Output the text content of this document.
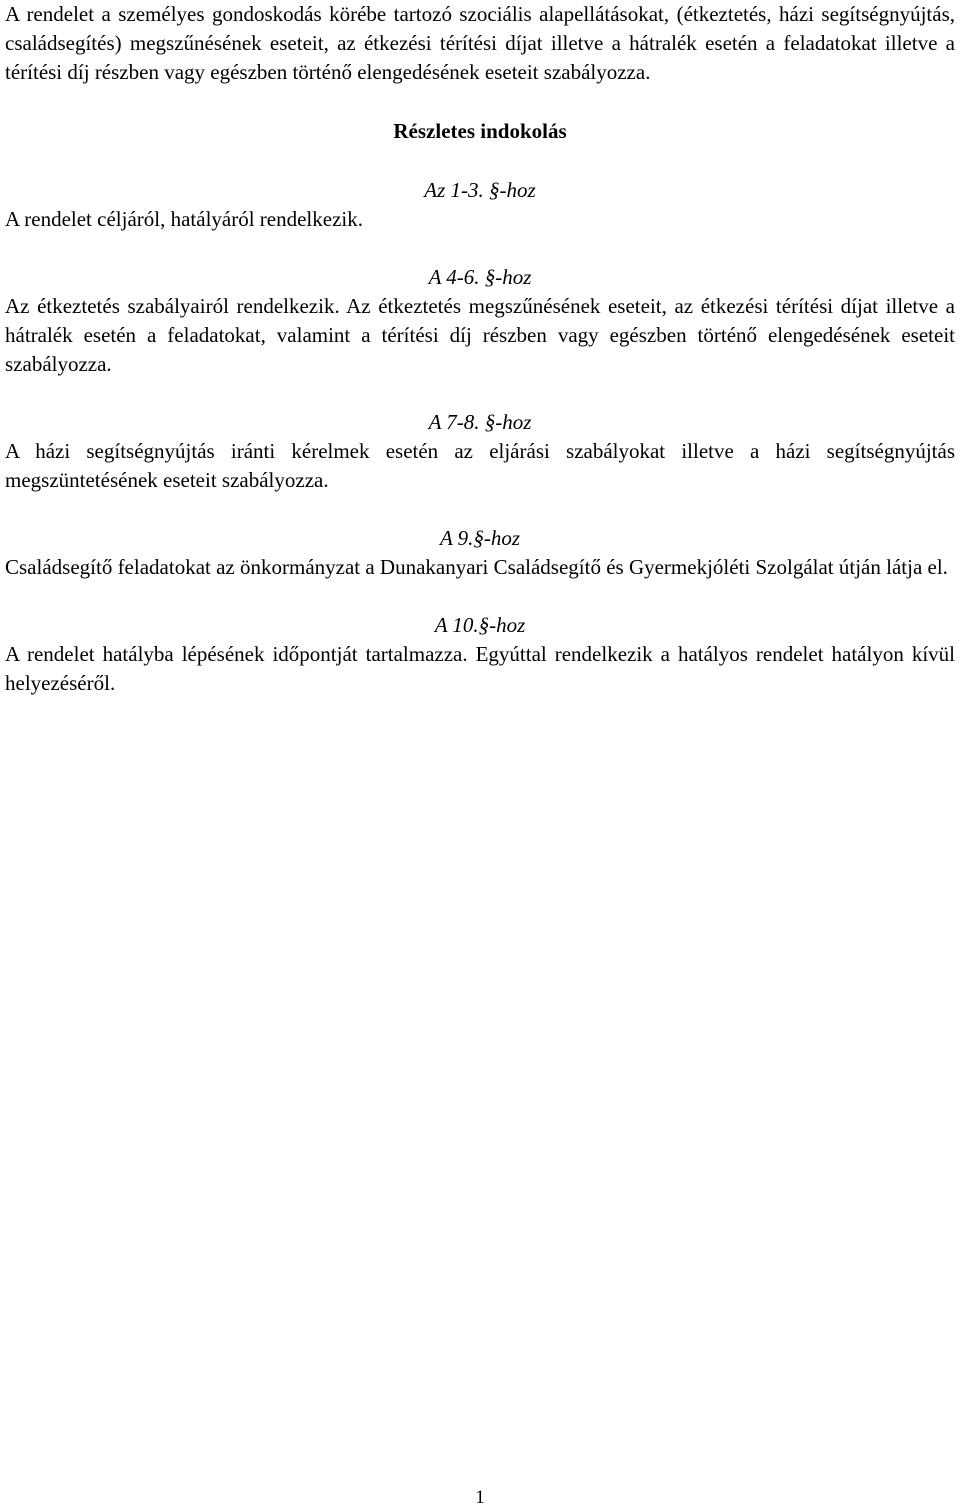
A rendelet a személyes gondoskodás körébe tartozó szociális alapellátásokat, (étkeztetés, házi segítségnyújtás, családsegítés) megszűnésének eseteit, az étkezési térítési díjat illetve a hátralék esetén a feladatokat illetve a térítési díj részben vagy egészben történő elengedésének eseteit szabályozza.

Részletes indokolás
Az 1-3. §-hoz

A rendelet céljáról, hatályáról rendelkezik.

A 4-6. §-hoz

Az étkeztetés szabályairól rendelkezik. Az étkeztetés megszűnésének eseteit, az étkezési térítési díjat illetve a hátralék esetén a feladatokat, valamint a térítési díj részben vagy egészben történő elengedésének eseteit szabályozza.

A 7-8. §-hoz

A házi segítségnyújtás iránti kérelmek esetén az eljárási szabályokat illetve a házi segítségnyújtás megszüntetésének eseteit szabályozza.

A 9.§-hoz

Családsegítő feladatokat az önkormányzat a Dunakanyari Családsegítő és Gyermekjóléti Szolgálat útján látja el.

A 10.§-hoz

A rendelet hatályba lépésének időpontját tartalmazza. Egyúttal rendelkezik a hatályos rendelet hatályon kívül helyezéséről.

1
